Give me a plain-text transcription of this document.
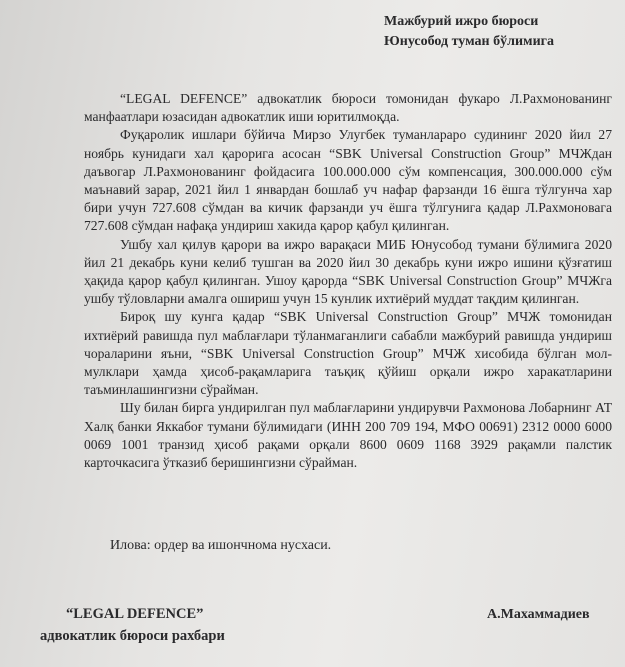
Мажбурий ижро бюроси
Юнусобод туман бўлимига

“LEGAL DEFENCE” адвокатлик бюроси томонидан фукаро Л.Рахмонованинг манфаатлари юзасидан адвокатлик иши юритилмоқда.

Фуқаролик ишлари бўйича Мирзо Улугбек туманлараро судининг 2020 йил 27 ноябрь кунидаги хал қарорига асосан “SBK Universal Construction Group” МЧЖдан даъвогар Л.Рахмонованинг фойдасига 100.000.000 сўм компенсация, 300.000.000 сўм маънавий зарар, 2021 йил 1 январдан бошлаб уч нафар фарзанди 16 ёшга тўлгунча хар бири учун 727.608 сўмдан ва кичик фарзанди уч ёшга тўлгунига қадар Л.Рахмоновага 727.608 сўмдан нафақа ундириш хакида қарор қабул қилинган.

Ушбу хал қилув қарори ва ижро варақаси МИБ Юнусобод тумани бўлимига 2020 йил 21 декабрь куни келиб тушган ва 2020 йил 30 декабрь куни ижро ишини қўзғатиш ҳақида қарор қабул қилинган. Ушоу қарорда “SBK Universal Construction Group” МЧЖга ушбу тўловларни амалга ошириш учун 15 кунлик ихтиёрий муддат тақдим қилинган.

Бироқ шу кунга қадар “SBK Universal Construction Group” МЧЖ томонидан ихтиёрий равишда пул маблағлари тўланмаганлиги сабабли мажбурий равишда ундириш чораларини яъни, “SBK Universal Construction Group” МЧЖ хисобида бўлган мол-мулклари ҳамда ҳисоб-рақамларига таъқиқ қўйиш орқали ижро харакатларини таъминлашингизни сўрайман.

Шу билан бирга ундирилган пул маблағларини ундирувчи Рахмонова Лобарнинг АТ Халқ банки Яккабоғ тумани бўлимидаги (ИНН 200 709 194, МФО 00691) 2312 0000 6000 0069 1001 транзид ҳисоб рақами орқали 8600 0609 1168 3929 рақамли палстик карточкасига ўтказиб беришингизни сўрайман.

Илова: ордер ва ишончнома нусхаси.
“LEGAL DEFENCE”
адвокатлик бюроси рахбари
А.Махаммадиев
